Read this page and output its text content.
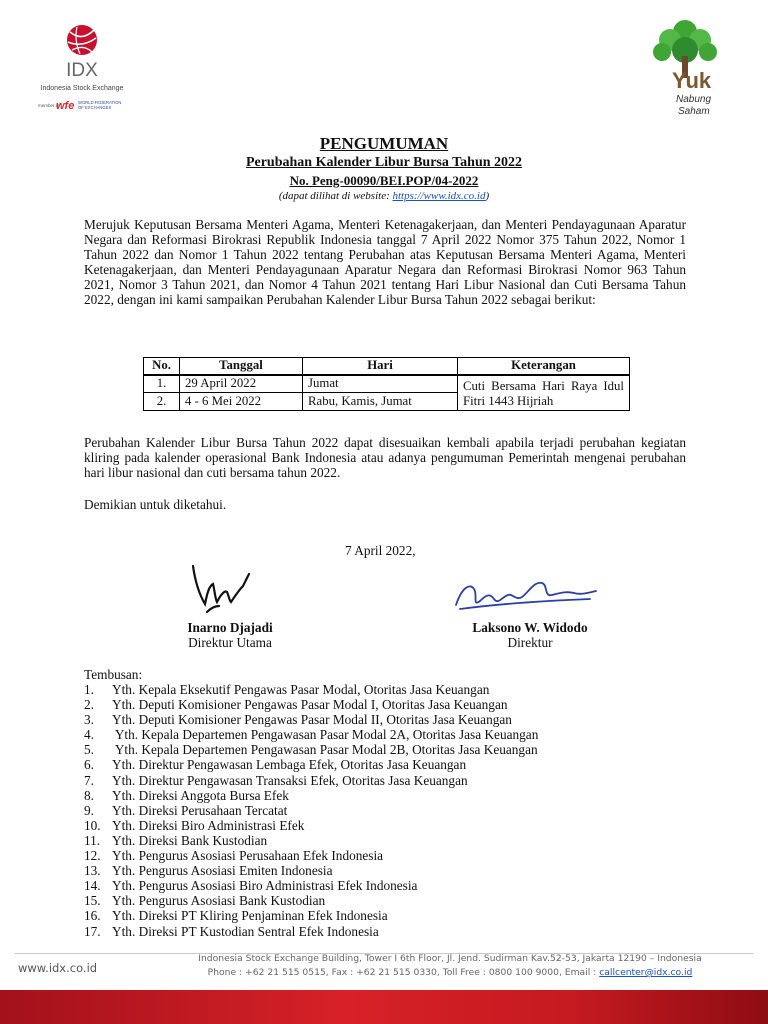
IDX
Indonesia Stock Exchange
member of
wfe WORLD FEDERATION
OF EXCHANGES
Yuk
Nabung
Saham
PENGUMUMAN
Perubahan Kalender Libur Bursa Tahun 2022
No. Peng-00090/BEI.POP/04-2022
(dapat dilihat di website: https://www.idx.co.id)
Merujuk Keputusan Bersama Menteri Agama, Menteri Ketenagakerjaan, dan Menteri Pendayagunaan Aparatur Negara dan Reformasi Birokrasi Republik Indonesia tanggal 7 April 2022 Nomor 375 Tahun 2022, Nomor 1 Tahun 2022 dan Nomor 1 Tahun 2022 tentang Perubahan atas Keputusan Bersama Menteri Agama, Menteri Ketenagakerjaan, dan Menteri Pendayagunaan Aparatur Negara dan Reformasi Birokrasi Nomor 963 Tahun 2021, Nomor 3 Tahun 2021, dan Nomor 4 Tahun 2021 tentang Hari Libur Nasional dan Cuti Bersama Tahun 2022, dengan ini kami sampaikan Perubahan Kalender Libur Bursa Tahun 2022 sebagai berikut:
No.	Tanggal	Hari	Keterangan
1.	29 April 2022	Jumat	Cuti Bersama Hari Raya Idul Fitri 1443 Hijriah
2.	4 - 6 Mei 2022	Rabu, Kamis, Jumat	
Perubahan Kalender Libur Bursa Tahun 2022 dapat disesuaikan kembali apabila terjadi perubahan kegiatan kliring pada kalender operasional Bank Indonesia atau adanya pengumuman Pemerintah mengenai perubahan hari libur nasional dan cuti bersama tahun 2022.
Demikian untuk diketahui.
7 April 2022,
Inarno Djajadi
Direktur Utama
Laksono W. Widodo
Direktur
Tembusan:
1. Yth. Kepala Eksekutif Pengawas Pasar Modal, Otoritas Jasa Keuangan
2. Yth. Deputi Komisioner Pengawas Pasar Modal I, Otoritas Jasa Keuangan
3. Yth. Deputi Komisioner Pengawas Pasar Modal II, Otoritas Jasa Keuangan
4. Yth. Kepala Departemen Pengawasan Pasar Modal 2A, Otoritas Jasa Keuangan
5. Yth. Kepala Departemen Pengawasan Pasar Modal 2B, Otoritas Jasa Keuangan
6. Yth. Direktur Pengawasan Lembaga Efek, Otoritas Jasa Keuangan
7. Yth. Direktur Pengawasan Transaksi Efek, Otoritas Jasa Keuangan
8. Yth. Direksi Anggota Bursa Efek
9. Yth. Direksi Perusahaan Tercatat
10. Yth. Direksi Biro Administrasi Efek
11. Yth. Direksi Bank Kustodian
12. Yth. Pengurus Asosiasi Perusahaan Efek Indonesia
13. Yth. Pengurus Asosiasi Emiten Indonesia
14. Yth. Pengurus Asosiasi Biro Administrasi Efek Indonesia
15. Yth. Pengurus Asosiasi Bank Kustodian
16. Yth. Direksi PT Kliring Penjaminan Efek Indonesia
17. Yth. Direksi PT Kustodian Sentral Efek Indonesia
www.idx.co.id
Indonesia Stock Exchange Building, Tower I 6th Floor, Jl. Jend. Sudirman Kav.52-53, Jakarta 12190 – Indonesia
Phone : +62 21 515 0515, Fax : +62 21 515 0330, Toll Free : 0800 100 9000, Email : callcenter@idx.co.id
